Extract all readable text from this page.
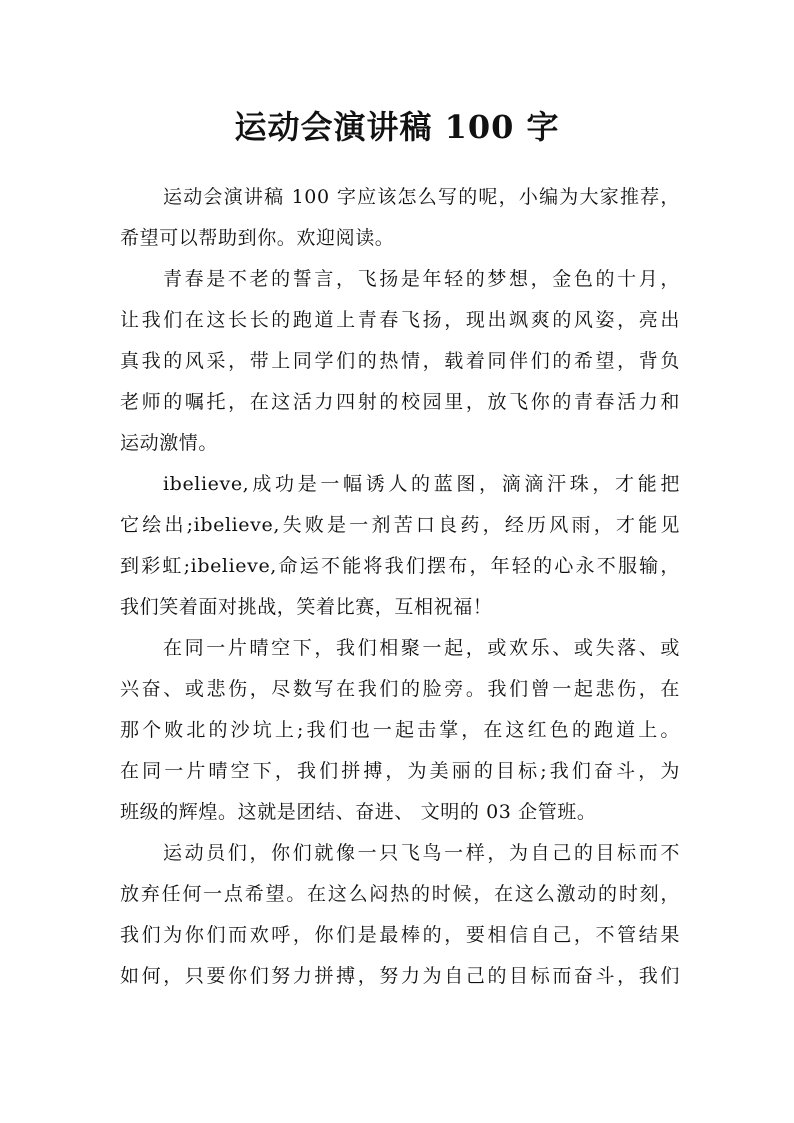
运动会演讲稿 100 字
运动会演讲稿 100 字应该怎么写的呢，小编为大家推荐，
希望可以帮助到你。欢迎阅读。
青春是不老的誓言，飞扬是年轻的梦想，金色的十月，
让我们在这长长的跑道上青春飞扬，现出飒爽的风姿，亮出
真我的风采，带上同学们的热情，载着同伴们的希望，背负
老师的嘱托，在这活力四射的校园里，放飞你的青春活力和
运动激情。
ibelieve,成功是一幅诱人的蓝图，滴滴汗珠，才能把
它绘出;ibelieve,失败是一剂苦口良药，经历风雨，才能见
到彩虹;ibelieve,命运不能将我们摆布，年轻的心永不服输，
我们笑着面对挑战，笑着比赛，互相祝福！
在同一片晴空下，我们相聚一起，或欢乐、或失落、或
兴奋、或悲伤，尽数写在我们的脸旁。我们曾一起悲伤，在
那个败北的沙坑上;我们也一起击掌，在这红色的跑道上。
在同一片晴空下，我们拼搏，为美丽的目标;我们奋斗，为
班级的辉煌。这就是团结、奋进、 文明的 03 企管班。
运动员们，你们就像一只飞鸟一样，为自己的目标而不
放弃任何一点希望。在这么闷热的时候，在这么激动的时刻，
我们为你们而欢呼，你们是最棒的，要相信自己，不管结果
如何，只要你们努力拼搏，努力为自己的目标而奋斗，我们
